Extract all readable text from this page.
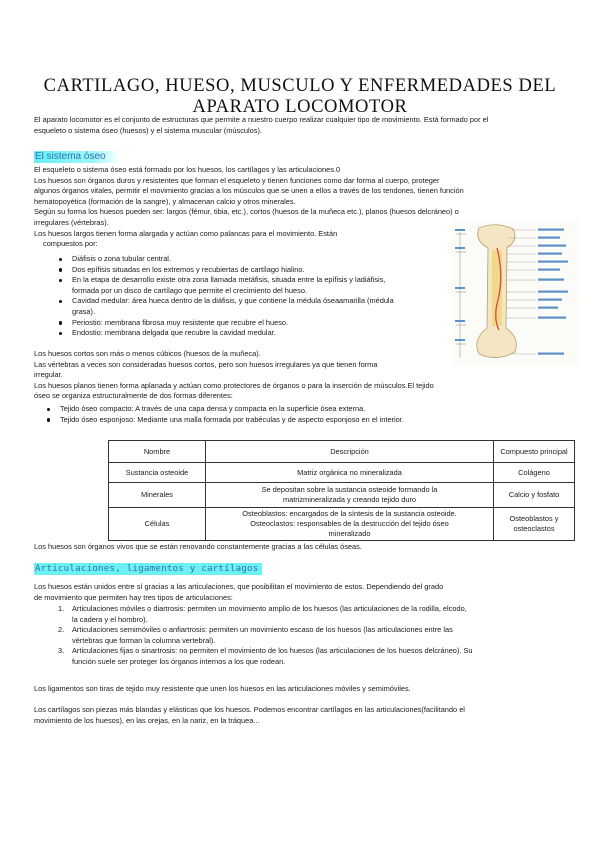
CARTILAGO, HUESO, MUSCULO Y ENFERMEDADES DEL
APARATO LOCOMOTOR

El aparato locomotor es el conjunto de estructuras que permite a nuestro cuerpo realizar cualquier tipo de movimiento. Está formado por el
esqueleto o sistema óseo (huesos) y el sistema muscular (músculos).

El sistema óseo

El esqueleto o sistema óseo está formado por los huesos, los cartílagos y las articulaciones.0
Los huesos son órganos duros y resistentes que forman el esqueleto y tienen funciones como dar forma al cuerpo, proteger
algunos órganos vitales, permitir el movimiento gracias a los músculos que se unen a ellos a través de los tendones, tienen función
hematopoyética (formación de la sangre), y almacenan calcio y otros minerales.
Según su forma los huesos pueden ser: largos (fémur, tibia, etc.), cortos (huesos de la muñeca etc.), planos (huesos delcráneo) o
irregulares (vértebras).
Los huesos largos tienen forma alargada y actúan como palancas para el movimiento. Están
compuestos por:

Diáfisis o zona tubular central.
Dos epífisis situadas en los extremos y recubiertas de cartílago hialino.
En la etapa de desarrollo existe otra zona llamada metáfisis, situada entre la epífisis y ladiáfisis,
formada por un disco de cartílago que permite el crecimiento del hueso.
Cavidad medular: área hueca dentro de la diáfisis, y que contiene la médula óseaamarilla (médula
grasa).
Periostio: membrana fibrosa muy resistente que recubre el hueso.
Endostio: membrana delgada que recubre la cavidad medular.

Los huesos cortos son más o menos cúbicos (huesos de la muñeca).
Las vértebras a veces son consideradas huesos cortos, pero son huesos irregulares ya que tienen forma
irregular.
Los huesos planos tienen forma aplanada y actúan como protectores de órganos o para la inserción de músculos.El tejido
óseo se organiza estructuralmente de dos formas diferentes:

Tejido óseo compacto: A través de una capa densa y compacta en la superficie ósea externa.
Tejido óseo esponjoso: Mediante una malla formada por trabéculas y de aspecto esponjoso en el interior.
Nombre	Descripción	Compuesto principal
Sustancia osteoide	Matriz orgánica no mineralizada	Colágeno
Minerales	Se depositan sobre la sustancia osteoide formando la
matrizmineralizada y creando tejido duro	Calcio y fosfato
Células	Osteoblastos: encargados de la síntesis de la sustancia osteoide.
Osteoclastos: responsables de la destrucción del tejido óseo
mineralizado	Osteoblastos y
osteoclastos

Los huesos son órganos vivos que se están renovando constantemente gracias a las células óseas.

Articulaciones, ligamentos y cartílagos

Los huesos están unidos entre sí gracias a las articulaciones, que posibilitan el movimiento de estos. Dependiendo del grado
de movimiento que permiten hay tres tipos de articulaciones:

1. Articulaciones móviles o diartrosis: permiten un movimiento amplio de los huesos (las articulaciones de la rodilla, elcodo,
la cadera y el hombro).
2. Articulaciones semimóviles o anfiartrosis: permiten un movimiento escaso de los huesos (las articulaciones entre las
vértebras que forman la columna vertebral).
3. Articulaciones fijas o sinartrosis: no permiten el movimiento de los huesos (las articulaciones de los huesos delcráneo). Su
función suele ser proteger los órganos internos a los que rodean.

Los ligamentos son tiras de tejido muy resistente que unen los huesos en las articulaciones móviles y semimóviles.

Los cartílagos son piezas más blandas y elásticas que los huesos. Podemos encontrar cartílagos en las articulaciones(facilitando el
movimiento de los huesos), en las orejas, en la nariz, en la tráquea...
